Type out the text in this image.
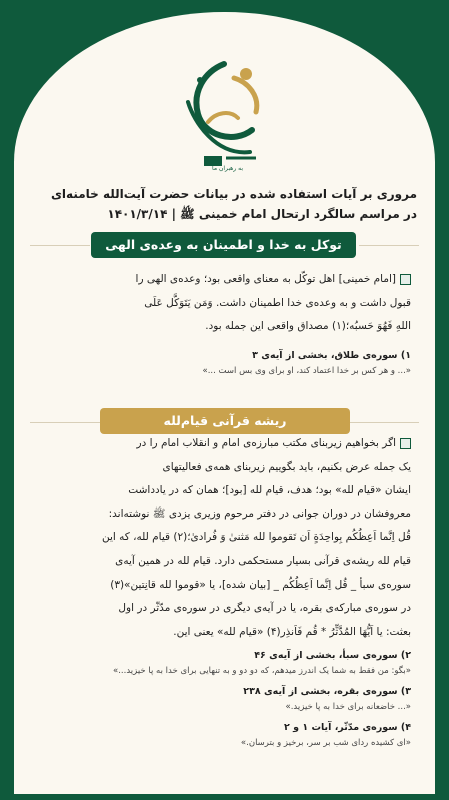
به رهبران ما
مروری بر آیات استفاده شده در بیانات حضرت آیت‌الله خامنه‌ای
در مراسم سالگرد ارتحال امام خمینی ﷺ | ۱۴۰۱/۳/۱۴
توکل به خدا و اطمینان به وعده‌ی الهی
[امام خمینی] اهل توکّل به معنای واقعی بود؛ وعده‌ی الهی را
قبول داشت و به وعده‌ی خدا اطمینان داشت. وَمَن یَتَوَکَّل عَلَی
اللهِ فَهُوَ حَسبُه؛(۱) مصداق واقعی این جمله بود.
۱) سوره‌ی طلاق، بخشی از آیه‌ی ۳
«... و هر کس بر خدا اعتماد کند، او برای وی بس است ...»
ریشه قرآنی قیام‌لله
اگر بخواهیم زیربنای مکتب مبارزه‌ی امام و انقلاب امام را در
یک جمله عرض بکنیم، باید بگوییم زیربنای همه‌ی فعالیتهای
ایشان «قیام لله» بود؛ هدف، قیام لله [بود]؛ همان که در یادداشت
معروفشان در دوران جوانی در دفتر مرحوم وزیری یزدی ﷺ نوشته‌اند:
قُل اِنَّما اَعِظُکُم بِواحِدَةٍ اَن تَقوموا لله مَثنیٰ وَ فُرادیٰ؛(۲) قیام لله، که این
قیام لله ریشه‌ی قرآنی بسیار مستحکمی دارد. قیام لله در همین آیه‌ی
سوره‌ی سبأ _ قُل اِنَّما اَعِظُکُم _ [بیان شده]، یا «قوموا لله قانِتین»(۳)
در سوره‌ی مبارکه‌ی بقره، یا در آیه‌ی دیگری در سوره‌ی مدّثّر در اول
بعثت: یا اَیُّهَا المُدَّثِّرُ * قُم فَاَنذِر(۴) «قیام لله» یعنی این.
۲) سوره‌ی سبأ، بخشی از آیه‌ی ۴۶
«بگو: من فقط به شما یک اندرز میدهم، که دو دو و به تنهایی برای خدا به پا خیزید...»
۳) سوره‌ی بقره، بخشی از آیه‌ی ۲۳۸
«... خاضعانه برای خدا به پا خیزید.»
۴) سوره‌ی مدّثّر، آیات ۱ و ۲
«ای کشیده ردای شب بر سر، برخیز و بترسان.»
